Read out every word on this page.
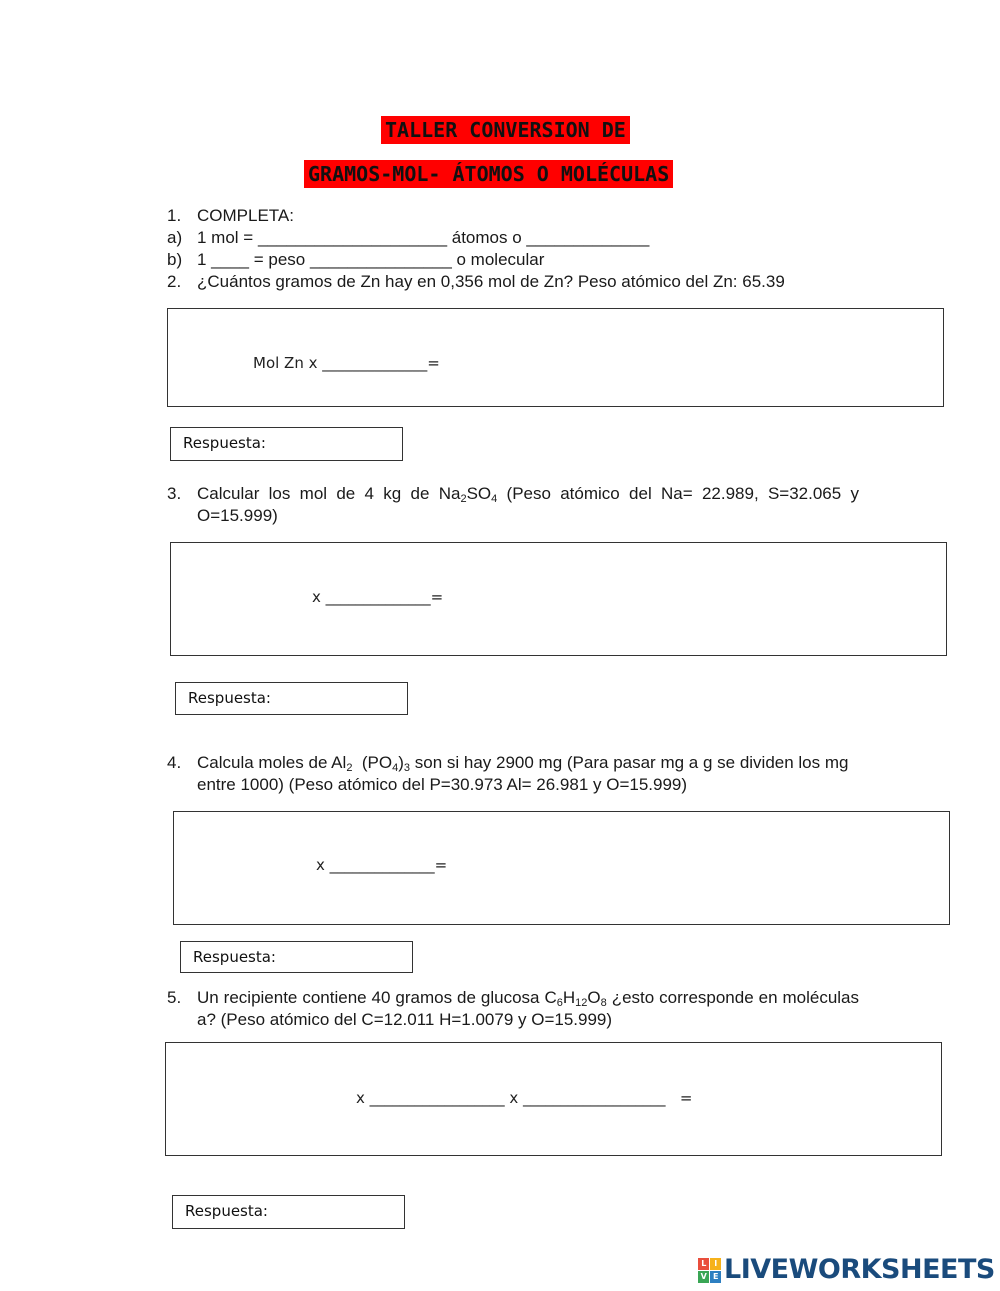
TALLER CONVERSION DE
GRAMOS-MOL- ÁTOMOS O MOLÉCULAS
1. COMPLETA:
a) 1 mol = ____________________ átomos o _____________
b) 1 ____ = peso _______________ o molecular
2. ¿Cuántos gramos de Zn hay en 0,356 mol de Zn? Peso atómico del Zn: 65.39
Mol Zn x ______________=
Respuesta:
3. Calcular los mol de 4 kg de $Na_2SO_4$ (Peso atómico del Na= 22.989, S=32.065 y O=15.999)
x ______________=
Respuesta:
4. Calcula moles de $Al_2$  $(PO_4)_3$ son si hay 2900 mg (Para pasar mg a g se dividen los mg entre 1000) (Peso atómico del P=30.973 Al= 26.981 y O=15.999)
x ______________=
Respuesta:
5. Un recipiente contiene 40 gramos de glucosa $C_6H_{12}O_8$ ¿esto corresponde en moléculas a? (Peso atómico del C=12.011 H=1.0079 y O=15.999)
x __________________ x ___________________   =
Respuesta:
L	I
V E LIVEWORKSHEETS
